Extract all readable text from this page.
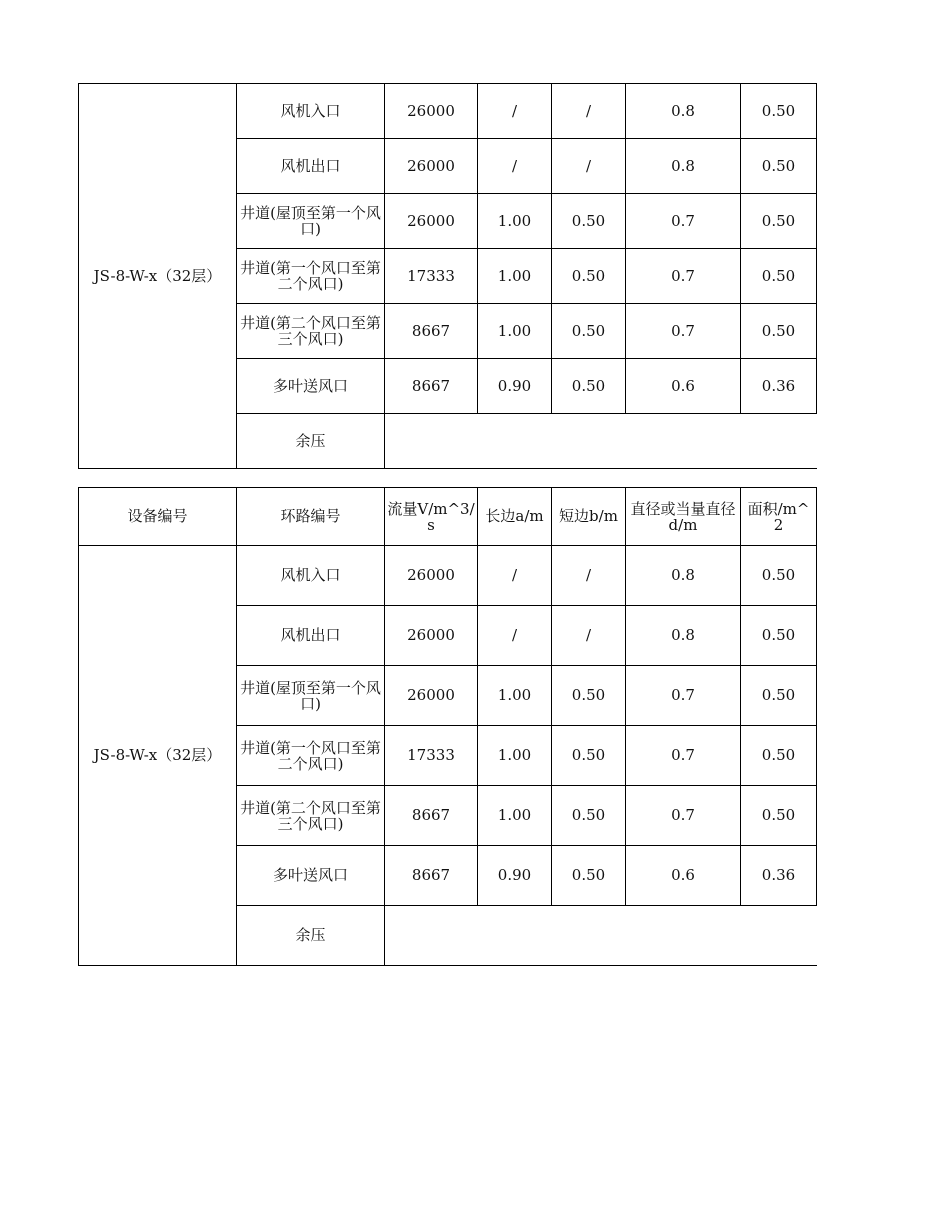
JS-8-W-x（32层）	风机入口	26000	/	/	0.8	0.50
	风机出口	26000	/	/	0.8	0.50
	井道(屋顶至第一个风口)	26000	1.00	0.50	0.7	0.50
	井道(第一个风口至第二个风口)	17333	1.00	0.50	0.7	0.50
	井道(第二个风口至第三个风口)	8667	1.00	0.50	0.7	0.50
	多叶送风口	8667	0.90	0.50	0.6	0.36
	余压					
设备编号	环路编号	流量V/m^3/s	长边a/m	短边b/m	直径或当量直径d/m	面积/m^2
JS-8-W-x（32层）	风机入口	26000	/	/	0.8	0.50
	风机出口	26000	/	/	0.8	0.50
	井道(屋顶至第一个风口)	26000	1.00	0.50	0.7	0.50
	井道(第一个风口至第二个风口)	17333	1.00	0.50	0.7	0.50
	井道(第二个风口至第三个风口)	8667	1.00	0.50	0.7	0.50
	多叶送风口	8667	0.90	0.50	0.6	0.36
	余压					
